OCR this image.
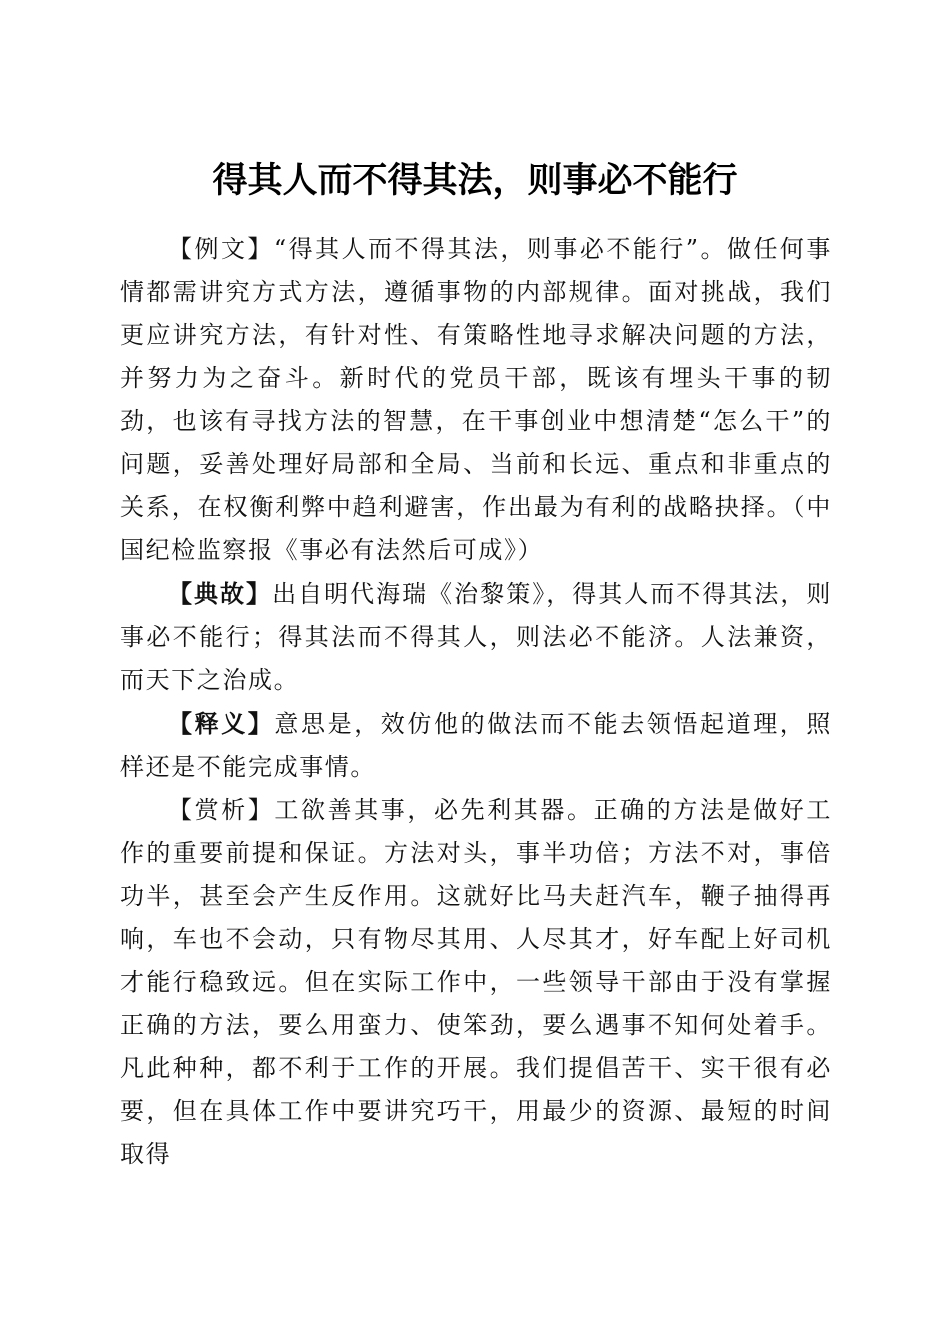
得其人而不得其法，则事必不能行

【例文】“得其人而不得其法，则事必不能行”。做任何事情都需讲究方式方法，遵循事物的内部规律。面对挑战，我们更应讲究方法，有针对性、有策略性地寻求解决问题的方法，并努力为之奋斗。新时代的党员干部，既该有埋头干事的韧劲，也该有寻找方法的智慧，在干事创业中想清楚“怎么干”的问题，妥善处理好局部和全局、当前和长远、重点和非重点的关系，在权衡利弊中趋利避害，作出最为有利的战略抉择。（中国纪检监察报《事必有法然后可成》）

【典故】出自明代海瑞《治黎策》，得其人而不得其法，则事必不能行；得其法而不得其人，则法必不能济。人法兼资，而天下之治成。

【释义】意思是，效仿他的做法而不能去领悟起道理，照样还是不能完成事情。

【赏析】工欲善其事，必先利其器。正确的方法是做好工作的重要前提和保证。方法对头，事半功倍；方法不对，事倍功半，甚至会产生反作用。这就好比马夫赶汽车，鞭子抽得再响，车也不会动，只有物尽其用、人尽其才，好车配上好司机才能行稳致远。但在实际工作中，一些领导干部由于没有掌握正确的方法，要么用蛮力、使笨劲，要么遇事不知何处着手。凡此种种，都不利于工作的开展。我们提倡苦干、实干很有必要，但在具体工作中要讲究巧干，用最少的资源、最短的时间取得
